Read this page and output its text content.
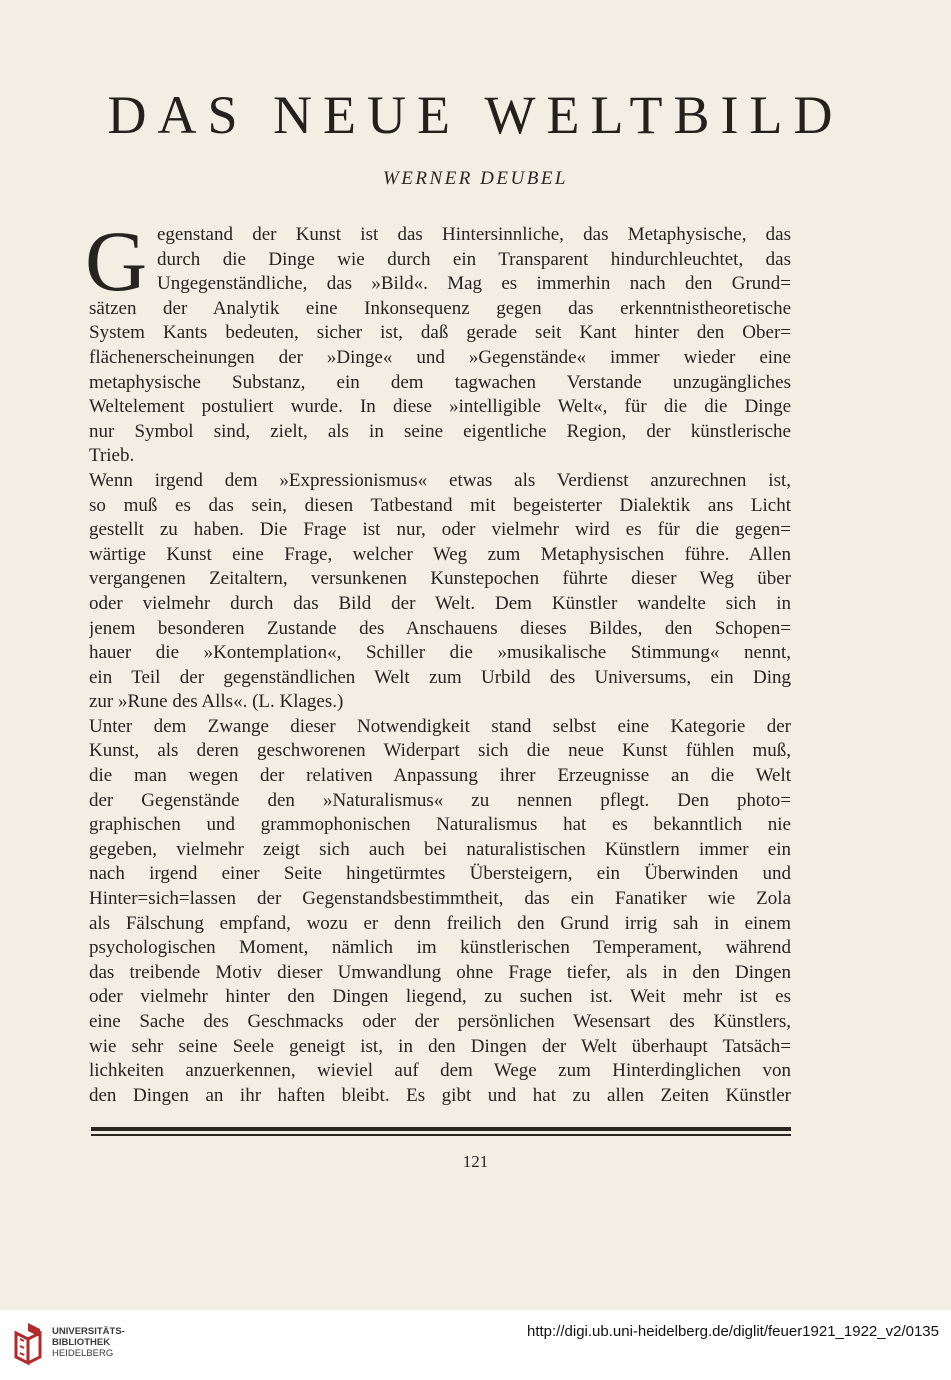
DAS NEUE WELTBILD
WERNER DEUBEL
G egenstand der Kunst ist das Hintersinnliche, das Metaphysische, das
durch die Dinge wie durch ein Transparent hindurchleuchtet, das
Ungegenständliche, das »Bild«. Mag es immerhin nach den Grund=
sätzen der Analytik eine Inkonsequenz gegen das erkenntnistheoretische
System Kants bedeuten, sicher ist, daß gerade seit Kant hinter den Ober=
flächenerscheinungen der »Dinge« und »Gegenstände« immer wieder eine
metaphysische Substanz, ein dem tagwachen Verstande unzugängliches
Weltelement postuliert wurde. In diese »intelligible Welt«, für die die Dinge
nur Symbol sind, zielt, als in seine eigentliche Region, der künstlerische
Trieb.
Wenn irgend dem »Expressionismus« etwas als Verdienst anzurechnen ist,
so muß es das sein, diesen Tatbestand mit begeisterter Dialektik ans Licht
gestellt zu haben. Die Frage ist nur, oder vielmehr wird es für die gegen=
wärtige Kunst eine Frage, welcher Weg zum Metaphysischen führe. Allen
vergangenen Zeitaltern, versunkenen Kunstepochen führte dieser Weg über
oder vielmehr durch das Bild der Welt. Dem Künstler wandelte sich in
jenem besonderen Zustande des Anschauens dieses Bildes, den Schopen=
hauer die »Kontemplation«, Schiller die »musikalische Stimmung« nennt,
ein Teil der gegenständlichen Welt zum Urbild des Universums, ein Ding
zur »Rune des Alls«. (L. Klages.)
Unter dem Zwange dieser Notwendigkeit stand selbst eine Kategorie der
Kunst, als deren geschworenen Widerpart sich die neue Kunst fühlen muß,
die man wegen der relativen Anpassung ihrer Erzeugnisse an die Welt
der Gegenstände den »Naturalismus« zu nennen pflegt. Den photo=
graphischen und grammophonischen Naturalismus hat es bekanntlich nie
gegeben, vielmehr zeigt sich auch bei naturalistischen Künstlern immer ein
nach irgend einer Seite hingetürmtes Übersteigern, ein Überwinden und
Hinter=sich=lassen der Gegenstandsbestimmtheit, das ein Fanatiker wie Zola
als Fälschung empfand, wozu er denn freilich den Grund irrig sah in einem
psychologischen Moment, nämlich im künstlerischen Temperament, während
das treibende Motiv dieser Umwandlung ohne Frage tiefer, als in den Dingen
oder vielmehr hinter den Dingen liegend, zu suchen ist. Weit mehr ist es
eine Sache des Geschmacks oder der persönlichen Wesensart des Künstlers,
wie sehr seine Seele geneigt ist, in den Dingen der Welt überhaupt Tatsäch=
lichkeiten anzuerkennen, wieviel auf dem Wege zum Hinterdinglichen von
den Dingen an ihr haften bleibt. Es gibt und hat zu allen Zeiten Künstler
121
UNIVERSITÄTS-
BIBLIOTHEK
HEIDELBERG
http://digi.ub.uni-heidelberg.de/diglit/feuer1921_1922_v2/0135
